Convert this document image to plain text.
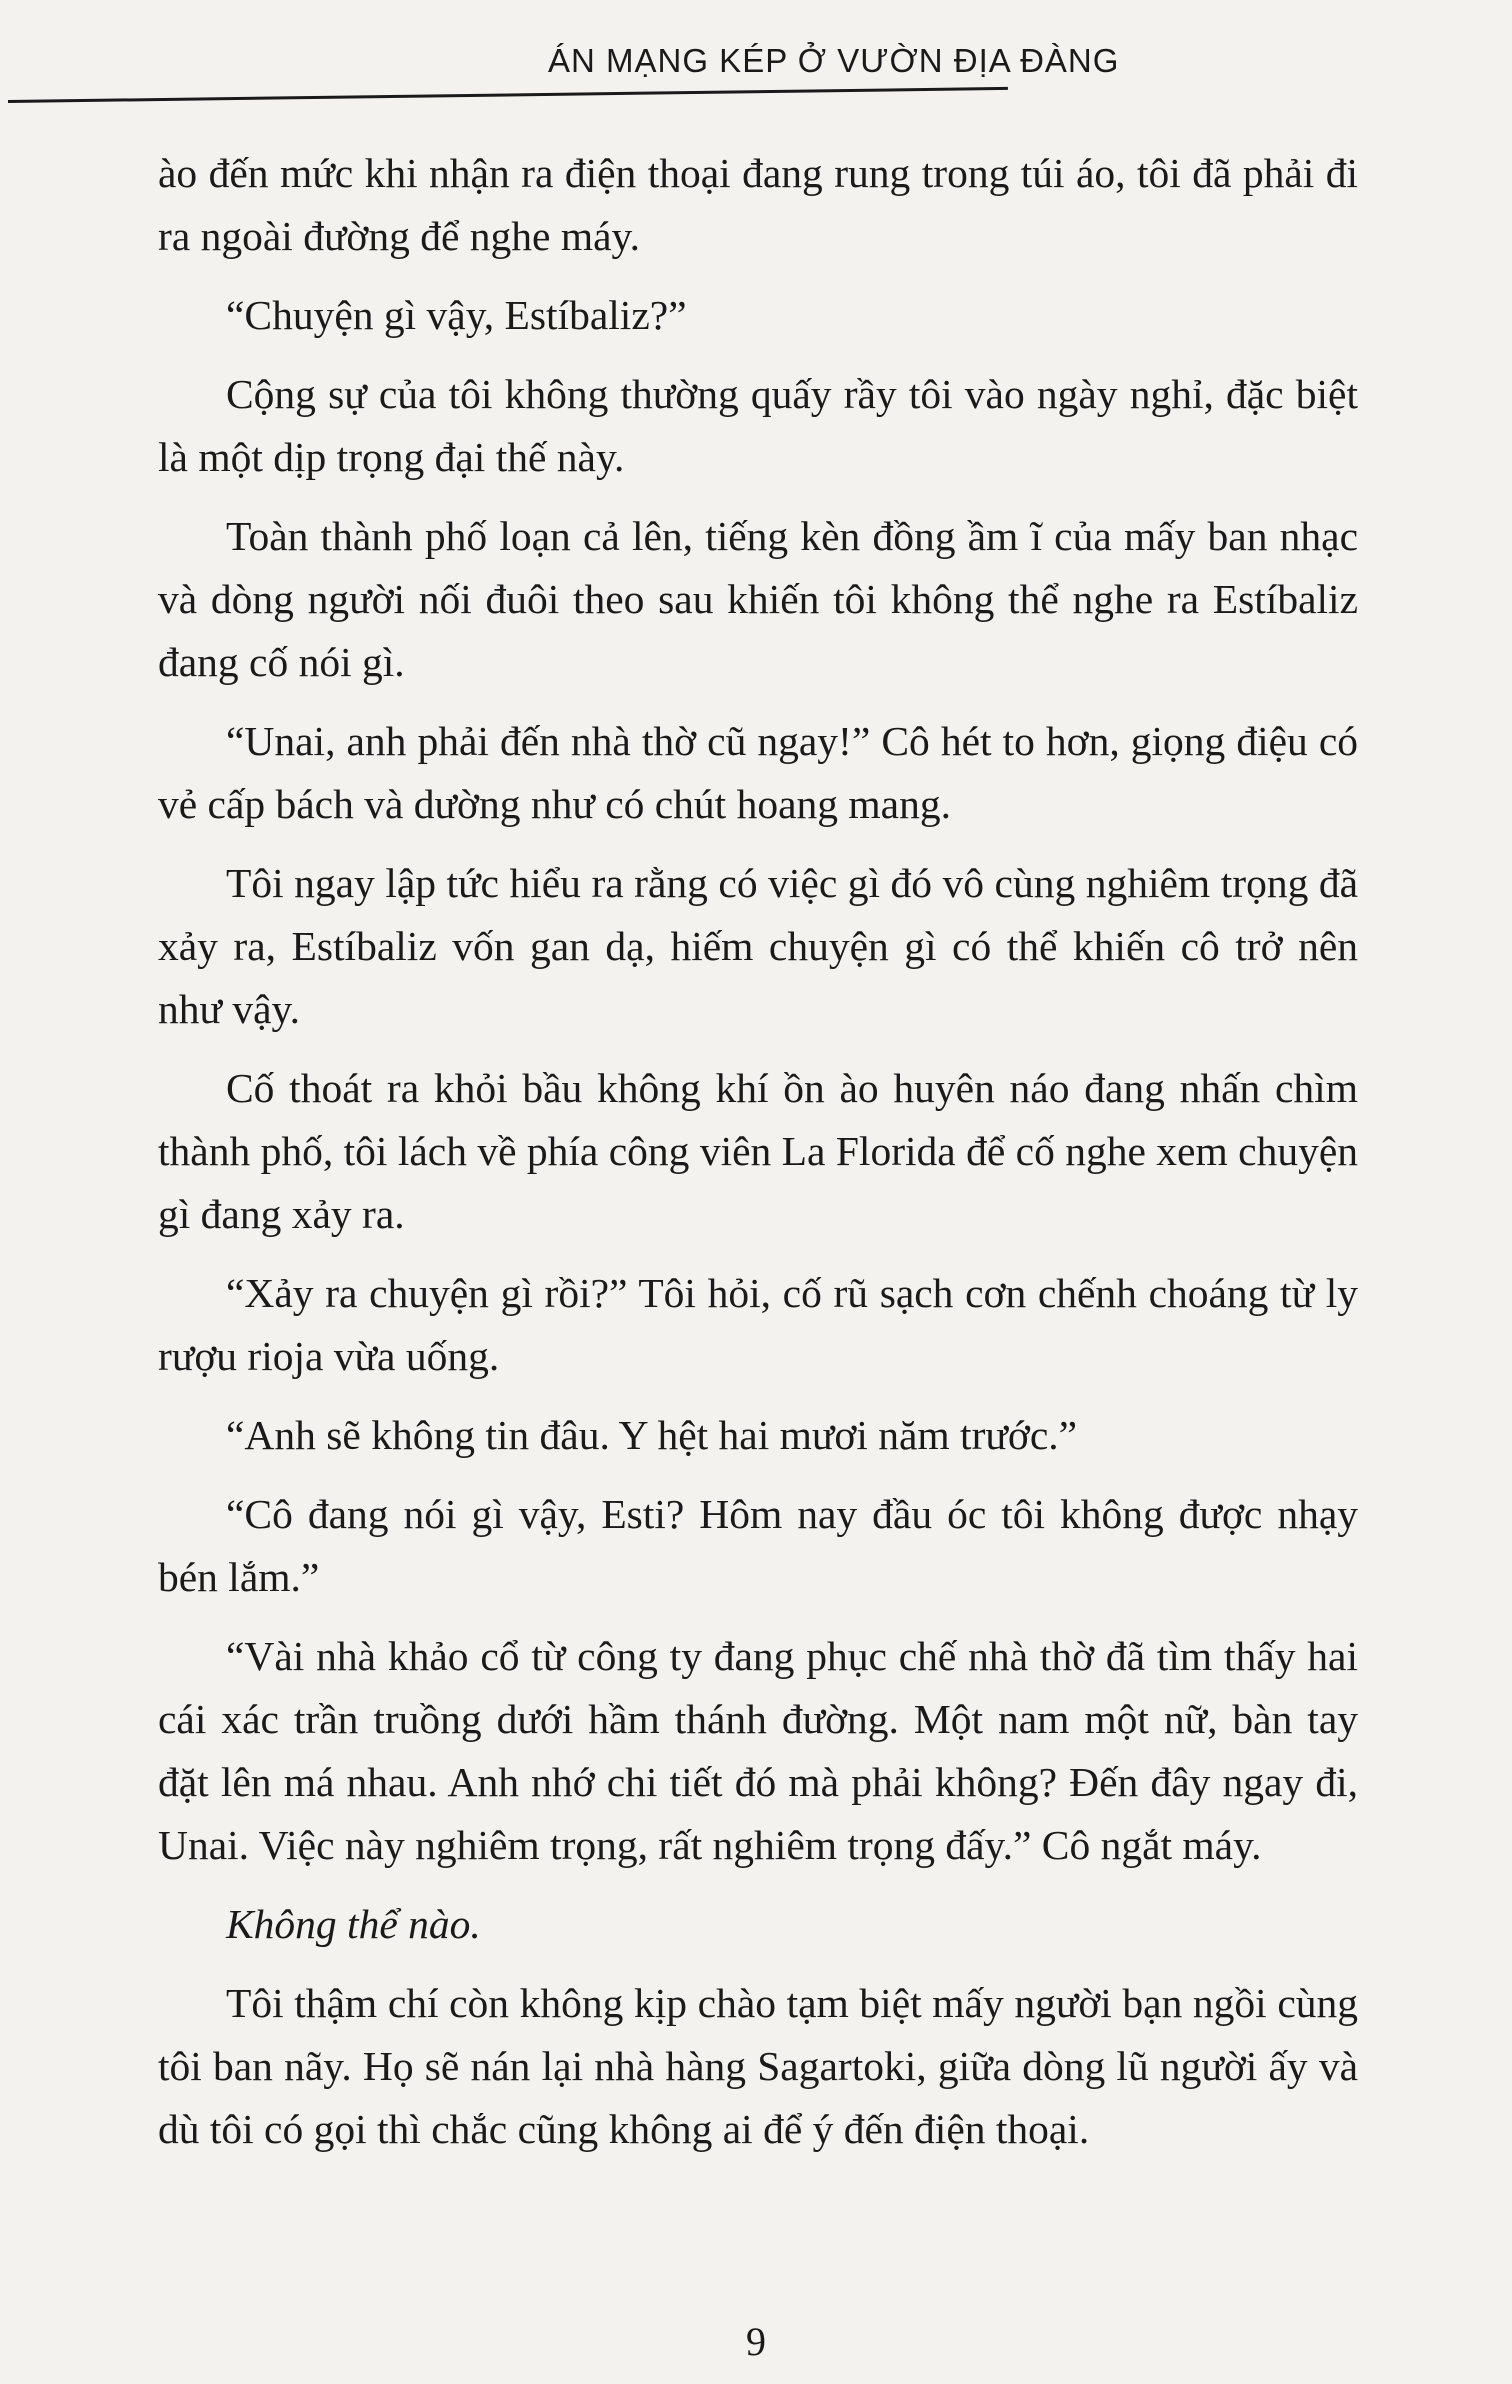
ÁN MẠNG KÉP Ở VƯỜN ĐỊA ĐÀNG

ào đến mức khi nhận ra điện thoại đang rung trong túi áo, tôi đã phải đi ra ngoài đường để nghe máy.

“Chuyện gì vậy, Estíbaliz?”

Cộng sự của tôi không thường quấy rầy tôi vào ngày nghỉ, đặc biệt là một dịp trọng đại thế này.

Toàn thành phố loạn cả lên, tiếng kèn đồng ầm ĩ của mấy ban nhạc và dòng người nối đuôi theo sau khiến tôi không thể nghe ra Estíbaliz đang cố nói gì.

“Unai, anh phải đến nhà thờ cũ ngay!” Cô hét to hơn, giọng điệu có vẻ cấp bách và dường như có chút hoang mang.

Tôi ngay lập tức hiểu ra rằng có việc gì đó vô cùng nghiêm trọng đã xảy ra, Estíbaliz vốn gan dạ, hiếm chuyện gì có thể khiến cô trở nên như vậy.

Cố thoát ra khỏi bầu không khí ồn ào huyên náo đang nhấn chìm thành phố, tôi lách về phía công viên La Florida để cố nghe xem chuyện gì đang xảy ra.

“Xảy ra chuyện gì rồi?” Tôi hỏi, cố rũ sạch cơn chếnh choáng từ ly rượu rioja vừa uống.

“Anh sẽ không tin đâu. Y hệt hai mươi năm trước.”

“Cô đang nói gì vậy, Esti? Hôm nay đầu óc tôi không được nhạy bén lắm.”

“Vài nhà khảo cổ từ công ty đang phục chế nhà thờ đã tìm thấy hai cái xác trần truồng dưới hầm thánh đường. Một nam một nữ, bàn tay đặt lên má nhau. Anh nhớ chi tiết đó mà phải không? Đến đây ngay đi, Unai. Việc này nghiêm trọng, rất nghiêm trọng đấy.” Cô ngắt máy.

Không thể nào.

Tôi thậm chí còn không kịp chào tạm biệt mấy người bạn ngồi cùng tôi ban nãy. Họ sẽ nán lại nhà hàng Sagartoki, giữa dòng lũ người ấy và dù tôi có gọi thì chắc cũng không ai để ý đến điện thoại.

9
